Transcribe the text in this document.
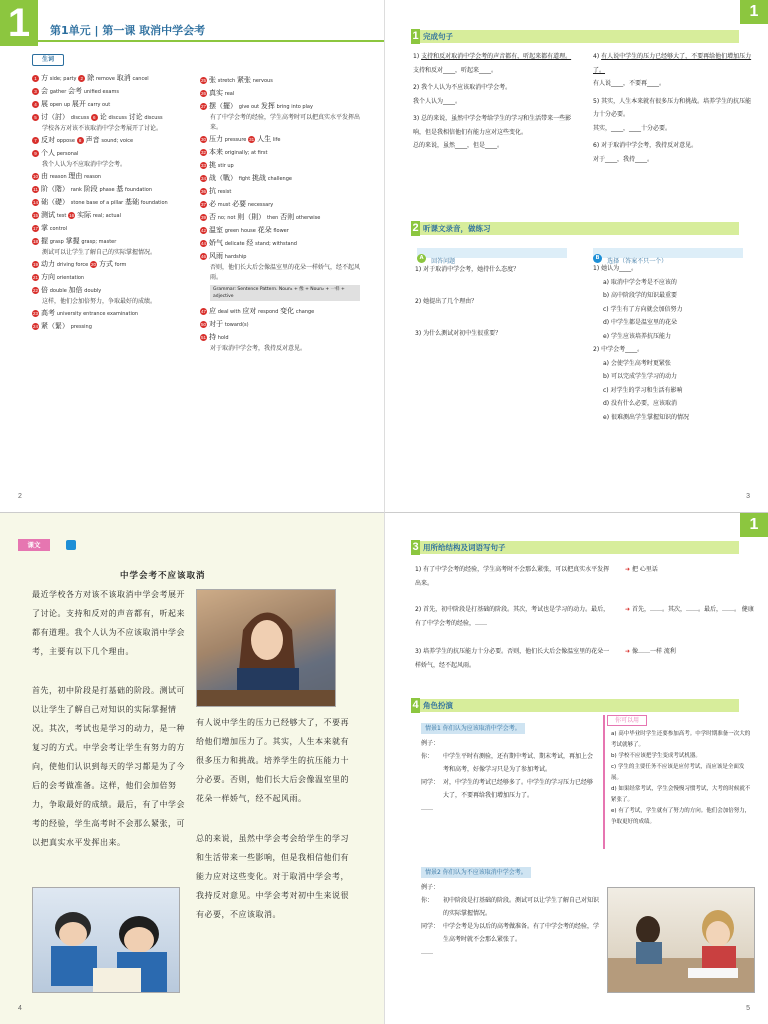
1	第1单元 | 第一课 取消中学会考
生词
1 方 side; party 2 除 remove 取消 cancel
3 会 gather 会考 unified exams
4 展 open up 展开 carry out
5 讨（討） discuss 6 论 discuss 讨论 discuss
学校各方对该不该取消中学会考展开了讨论。
7 反对 oppose 8 声音 sound; voice
9 个人 personal
我个人认为不应取消中学会考。
10 由 reason 理由 reason
11 阶（階） rank 阶段 phase 基 foundation
14 础（礎） stone base of a pillar 基础 foundation
15 测试 test 16 实际 real; actual
17 掌 control
18 握 grasp 掌握 grasp; master
测试可以让学生了解自己的实际掌握情况。
19 动力 driving force 20 方式 form
21 方向 orientation
22 倍 double 加倍 doubly
这样，他们会加倍努力，争取最好的成绩。
23 高考 university entrance examination
24 紧（緊） pressing
25 张 stretch 紧张 nervous
26 真实 real
27 摆（擺） give out 发挥 bring into play
有了中学会考的经验，学生高考时可以把真实水平发挥出来。
30 压力 pressure 31 人生 life
32 本来 originally; at first
33 挑 stir up
34 战（戰） fight 挑战 challenge
36 抗 resist
37 必 must 必要 necessary
39 否 no; not 则（則） then 否则 otherwise
42 温室 green house 花朵 flower
44 娇气 delicate 经 stand; withstand
46 风雨 hardship
否则，他们长大后会像温室里的花朵一样娇气，经不起风雨。
Grammar: Sentence Pattern. Noun₁ + 像 + Noun₂ + 一样 + adjective
47 应 deal with 应对 respond 变化 change
50 对于 toward(s)
51 持 hold
对于取消中学会考，我持反对意见。
2
1
1 完成句子
1) 支持和反对取消中学会考的声音都有，听起来都有道理。
支持和反对____，听起来____。
2) 我个人认为不应该取消中学会考。
我个人认为____。
3) 总的来说，虽然中学会考给学生的学习和生活带来一些影响，但是我相信他们有能力应对这些变化。
总的来说，虽然____，但是____。
4) 有人说中学生的压力已经够大了，不要再给他们增加压力了。
有人说____，不要再____。
5) 其实，人生本来就有很多压力和挑战。培养学生的抗压能力十分必要。
其实，____，____十分必要。
6) 对于取消中学会考，我持反对意见。
对于____，我持____。
2 听课文录音，做练习
A 回答问题
1) 对于取消中学会考，她持什么态度？
2) 她提出了几个理由？
3) 为什么测试对初中生很重要？
B 选择（答案不只一个）
1) 她认为____。
a) 取消中学会考是不应该的
b) 高中阶段学的知识最重要
c) 学生有了方向就会加倍努力
d) 中学生都是温室里的花朵
e) 学生应该培养抗压能力
2) 中学会考____。
a) 会使学生高考时更紧张
b) 可以完成学生学习的动力
c) 对学生的学习和生活有影响
d) 没有什么必要，应该取消
e) 很难测出学生掌握知识的情况
3
课文
中学会考不应该取消
最近学校各方对该不该取消中学会考展开了讨论。支持和反对的声音都有，听起来都有道理。我个人认为不应该取消中学会考，主要有以下几个理由。
首先，初中阶段是打基础的阶段。测试可以让学生了解自己对知识的实际掌握情况。其次，考试也是学习的动力，是一种复习的方式。中学会考让学生有努力的方向，使他们认识到每天的学习都是为了今后的会考做准备。这样，他们会加倍努力，争取最好的成绩。最后，有了中学会考的经验，学生高考时不会那么紧张，可以把真实水平发挥出来。
有人说中学生的压力已经够大了，不要再给他们增加压力了。其实，人生本来就有很多压力和挑战。培养学生的抗压能力十分必要。否则，他们长大后会像温室里的花朵一样娇气，经不起风雨。
总的来说，虽然中学会考会给学生的学习和生活带来一些影响，但是我相信他们有能力应对这些变化。对于取消中学会考，我持反对意见。中学会考对初中生来说很有必要，不应该取消。
4
1
3 用所给结构及词语写句子
1) 有了中学会考的经验，学生高考时不会那么紧张，可以把真实水平发挥出来。
2) 首先，初中阶段是打基础的阶段。其次，考试也是学习的动力。最后，有了中学会考的经验，……
3) 培养学生的抗压能力十分必要。否则，他们长大后会像温室里的花朵一样娇气，经不起风雨。
➜ 把 心里话
➜ 首先，……。其次，……。最后，……。 健康
➜ 像……一样 流利
4 角色扮演
情景1 你们认为应该取消中学会考。
例子：
你：	中学生平时有测验，还有期中考试、期末考试，再加上会考和高考，好像学习只是为了参加考试。
同学： 对，中学生的考试已经够多了。中学生的学习压力已经够大了，不要再给我们增加压力了。
……
你可以用
a) 高中毕业时学生还要参加高考。中学时期准备一次大的考试就够了。
b) 学校不应该把学生变成考试机器。
c) 学生的主要任务不应该是应付考试，而应该是全面发展。
d) 如果经常考试，学生会慢慢习惯考试，大考的时候就不紧张了。
e) 有了考试，学生就有了努力的方向。他们会加倍努力，争取更好的成绩。
情景2 你们认为不应该取消中学会考。
例子：
你：	初中阶段是打基础的阶段。测试可以让学生了解自己对知识的实际掌握情况。
同学： 中学会考是为以后的高考做准备。有了中学会考的经验，学生高考时就不会那么紧张了。
……
5
